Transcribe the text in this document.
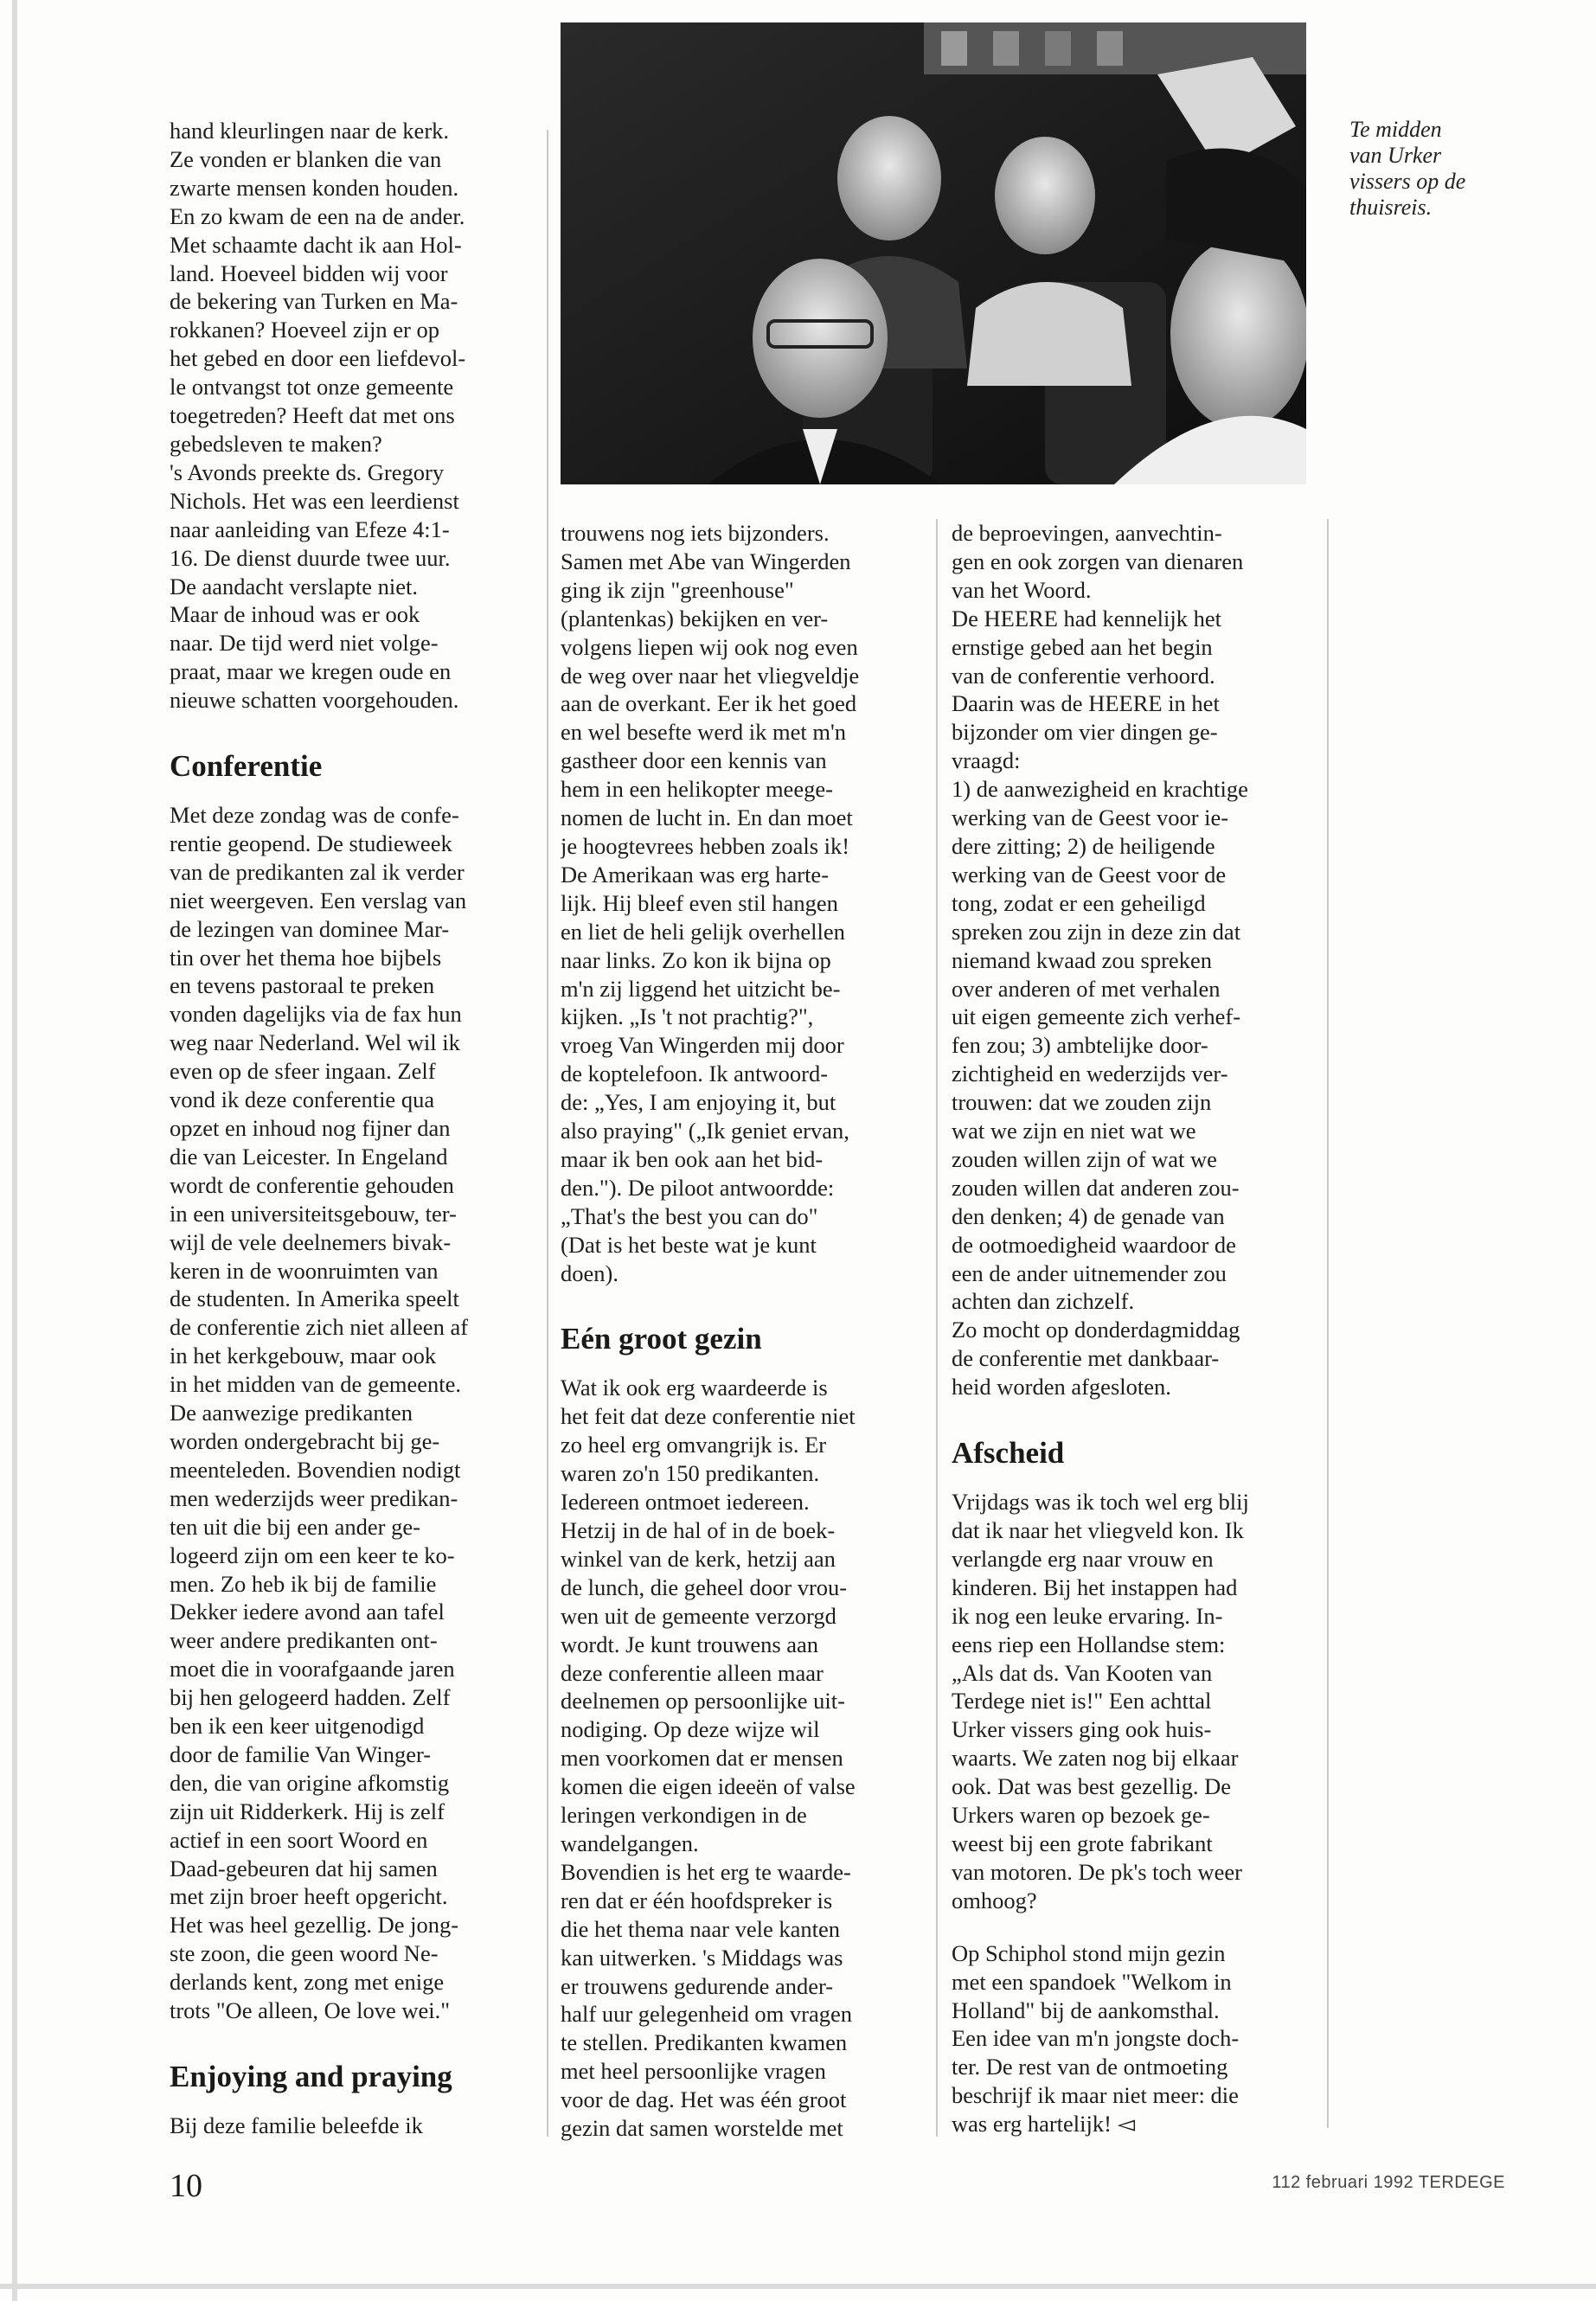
Te midden
van Urker
vissers op de
thuisreis.

hand kleurlingen naar de kerk.
Ze vonden er blanken die van
zwarte mensen konden houden.
En zo kwam de een na de ander.
Met schaamte dacht ik aan Hol-
land. Hoeveel bidden wij voor
de bekering van Turken en Ma-
rokkanen? Hoeveel zijn er op
het gebed en door een liefdevol-
le ontvangst tot onze gemeente
toegetreden? Heeft dat met ons
gebedsleven te maken?
's Avonds preekte ds. Gregory
Nichols. Het was een leerdienst
naar aanleiding van Efeze 4:1-
16. De dienst duurde twee uur.
De aandacht verslapte niet.
Maar de inhoud was er ook
naar. De tijd werd niet volge-
praat, maar we kregen oude en
nieuwe schatten voorgehouden.

Conferentie

Met deze zondag was de confe-
rentie geopend. De studieweek
van de predikanten zal ik verder
niet weergeven. Een verslag van
de lezingen van dominee Mar-
tin over het thema hoe bijbels
en tevens pastoraal te preken
vonden dagelijks via de fax hun
weg naar Nederland. Wel wil ik
even op de sfeer ingaan. Zelf
vond ik deze conferentie qua
opzet en inhoud nog fijner dan
die van Leicester. In Engeland
wordt de conferentie gehouden
in een universiteitsgebouw, ter-
wijl de vele deelnemers bivak-
keren in de woonruimten van
de studenten. In Amerika speelt
de conferentie zich niet alleen af
in het kerkgebouw, maar ook
in het midden van de gemeente.
De aanwezige predikanten
worden ondergebracht bij ge-
meenteleden. Bovendien nodigt
men wederzijds weer predikan-
ten uit die bij een ander ge-
logeerd zijn om een keer te ko-
men. Zo heb ik bij de familie
Dekker iedere avond aan tafel
weer andere predikanten ont-
moet die in voorafgaande jaren
bij hen gelogeerd hadden. Zelf
ben ik een keer uitgenodigd
door de familie Van Winger-
den, die van origine afkomstig
zijn uit Ridderkerk. Hij is zelf
actief in een soort Woord en
Daad-gebeuren dat hij samen
met zijn broer heeft opgericht.
Het was heel gezellig. De jong-
ste zoon, die geen woord Ne-
derlands kent, zong met enige
trots "Oe alleen, Oe love wei."

Enjoying and praying

Bij deze familie beleefde ik

trouwens nog iets bijzonders.
Samen met Abe van Wingerden
ging ik zijn "greenhouse"
(plantenkas) bekijken en ver-
volgens liepen wij ook nog even
de weg over naar het vliegveldje
aan de overkant. Eer ik het goed
en wel besefte werd ik met m'n
gastheer door een kennis van
hem in een helikopter meege-
nomen de lucht in. En dan moet
je hoogtevrees hebben zoals ik!
De Amerikaan was erg harte-
lijk. Hij bleef even stil hangen
en liet de heli gelijk overhellen
naar links. Zo kon ik bijna op
m'n zij liggend het uitzicht be-
kijken. „Is 't not prachtig?",
vroeg Van Wingerden mij door
de koptelefoon. Ik antwoord-
de: „Yes, I am enjoying it, but
also praying" („Ik geniet ervan,
maar ik ben ook aan het bid-
den."). De piloot antwoordde:
„That's the best you can do"
(Dat is het beste wat je kunt
doen).

Eén groot gezin

Wat ik ook erg waardeerde is
het feit dat deze conferentie niet
zo heel erg omvangrijk is. Er
waren zo'n 150 predikanten.
Iedereen ontmoet iedereen.
Hetzij in de hal of in de boek-
winkel van de kerk, hetzij aan
de lunch, die geheel door vrou-
wen uit de gemeente verzorgd
wordt. Je kunt trouwens aan
deze conferentie alleen maar
deelnemen op persoonlijke uit-
nodiging. Op deze wijze wil
men voorkomen dat er mensen
komen die eigen ideeën of valse
leringen verkondigen in de
wandelgangen.
Bovendien is het erg te waarde-
ren dat er één hoofdspreker is
die het thema naar vele kanten
kan uitwerken. 's Middags was
er trouwens gedurende ander-
half uur gelegenheid om vragen
te stellen. Predikanten kwamen
met heel persoonlijke vragen
voor de dag. Het was één groot
gezin dat samen worstelde met

de beproevingen, aanvechtin-
gen en ook zorgen van dienaren
van het Woord.
De HEERE had kennelijk het
ernstige gebed aan het begin
van de conferentie verhoord.
Daarin was de HEERE in het
bijzonder om vier dingen ge-
vraagd:
1) de aanwezigheid en krachtige
werking van de Geest voor ie-
dere zitting; 2) de heiligende
werking van de Geest voor de
tong, zodat er een geheiligd
spreken zou zijn in deze zin dat
niemand kwaad zou spreken
over anderen of met verhalen
uit eigen gemeente zich verhef-
fen zou; 3) ambtelijke door-
zichtigheid en wederzijds ver-
trouwen: dat we zouden zijn
wat we zijn en niet wat we
zouden willen zijn of wat we
zouden willen dat anderen zou-
den denken; 4) de genade van
de ootmoedigheid waardoor de
een de ander uitnemender zou
achten dan zichzelf.
Zo mocht op donderdagmiddag
de conferentie met dankbaar-
heid worden afgesloten.

Afscheid

Vrijdags was ik toch wel erg blij
dat ik naar het vliegveld kon. Ik
verlangde erg naar vrouw en
kinderen. Bij het instappen had
ik nog een leuke ervaring. In-
eens riep een Hollandse stem:
„Als dat ds. Van Kooten van
Terdege niet is!" Een achttal
Urker vissers ging ook huis-
waarts. We zaten nog bij elkaar
ook. Dat was best gezellig. De
Urkers waren op bezoek ge-
weest bij een grote fabrikant
van motoren. De pk's toch weer
omhoog?

Op Schiphol stond mijn gezin
met een spandoek "Welkom in
Holland" bij de aankomsthal.
Een idee van m'n jongste doch-
ter. De rest van de ontmoeting
beschrijf ik maar niet meer: die
was erg hartelijk! ◅

10	112 februari 1992 TERDEGE
